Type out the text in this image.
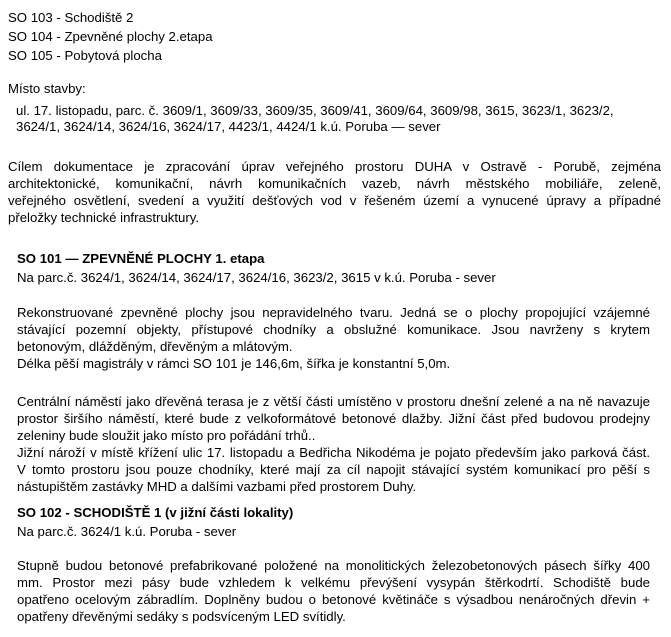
SO 103 - Schodiště 2
SO 104 - Zpevněné plochy 2.etapa
SO 105 - Pobytová plocha
Místo stavby:
ul. 17. listopadu, parc. č. 3609/1, 3609/33, 3609/35, 3609/41, 3609/64, 3609/98, 3615, 3623/1, 3623/2,
3624/1, 3624/14, 3624/16, 3624/17, 4423/1, 4424/1 k.ú. Poruba — sever
Cílem dokumentace je zpracování úprav veřejného prostoru DUHA v Ostravě - Porubě, zejména
architektonické, komunikační, návrh komunikačních vazeb, návrh městského mobiliáře, zeleně,
veřejného osvětlení, svedení a využití dešťových vod v řešeném území a vynucené úpravy a případné
přeložky technické infrastruktury.
SO 101 — ZPEVNĚNÉ PLOCHY 1. etapa
Na parc.č. 3624/1, 3624/14, 3624/17, 3624/16, 3623/2, 3615 v k.ú. Poruba - sever
Rekonstruované zpevněné plochy jsou nepravidelného tvaru. Jedná se o plochy propojující vzájemné
stávající pozemní objekty, přístupové chodníky a obslužné komunikace. Jsou navrženy s krytem
betonovým, dlážděným, dřevěným a mlátovým.
Délka pěší magistrály v rámci SO 101 je 146,6m, šířka je konstantní 5,0m.
Centrální náměstí jako dřevěná terasa je z větší části umístěno v prostoru dnešní zelené a na ně navazuje
prostor širšího náměstí, které bude z velkoformátové betonové dlažby. Jižní část před budovou prodejny
zeleniny bude sloužit jako místo pro pořádání trhů..
Jižní nároží v místě křížení ulic 17. listopadu a Bedřicha Nikodéma je pojato především jako parková část.
V tomto prostoru jsou pouze chodníky, které mají za cíl napojit stávající systém komunikací pro pěší s
nástupištěm zastávky MHD a dalšími vazbami před prostorem Duhy.
SO 102 - SCHODIŠTĚ 1 (v jižní části lokality)
Na parc.č. 3624/1 k.ú. Poruba - sever
Stupně budou betonové prefabrikované položené na monolitických železobetonových pásech šířky 400
mm. Prostor mezi pásy bude vzhledem k velkému převýšení vysypán štěrkodrtí. Schodiště bude
opatřeno ocelovým zábradlím. Doplněny budou o betonové květináče s výsadbou nenáročných dřevin +
opatřeny dřevěnými sedáky s podsvíceným LED svítidly.
